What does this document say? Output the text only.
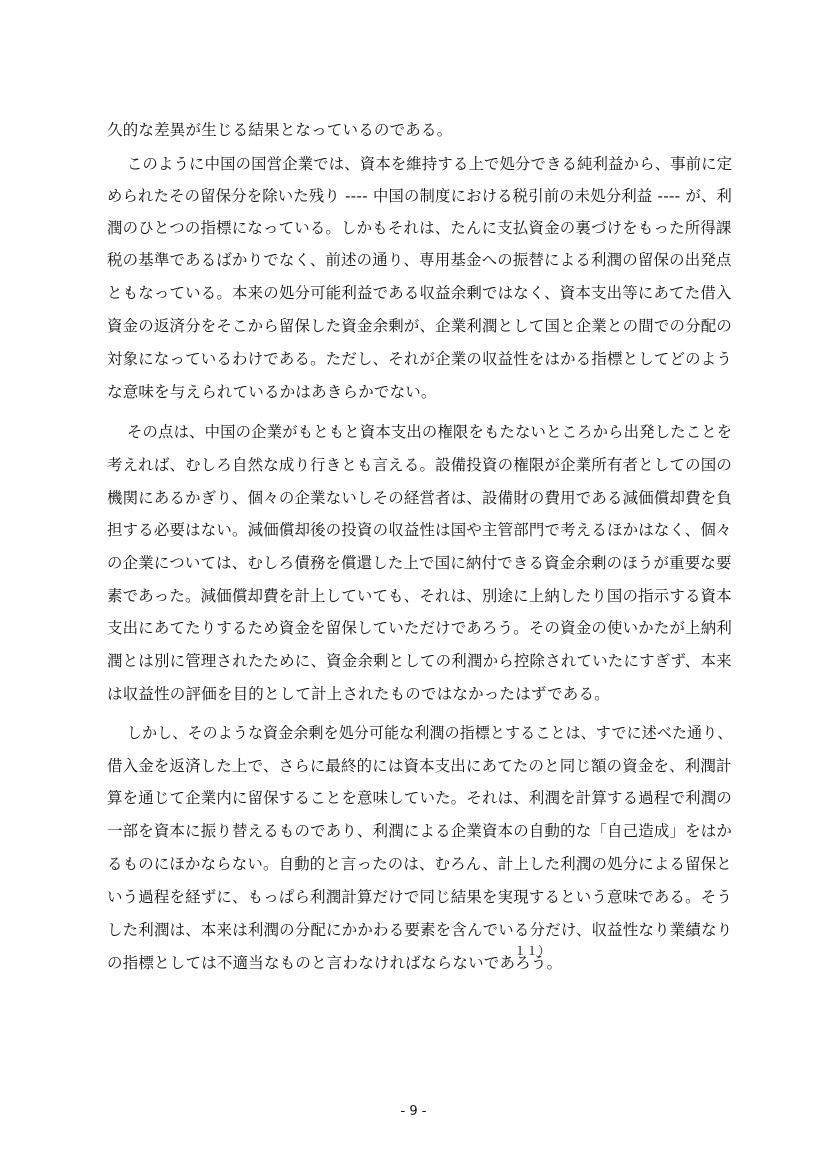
久的な差異が生じる結果となっているのである。

このように中国の国営企業では、資本を維持する上で処分できる純利益から、事前に定

められたその留保分を除いた残り ---- 中国の制度における税引前の未処分利益 ---- が、利

潤のひとつの指標になっている。しかもそれは、たんに支払資金の裏づけをもった所得課

税の基準であるばかりでなく、前述の通り、専用基金への振替による利潤の留保の出発点

ともなっている。本来の処分可能利益である収益余剰ではなく、資本支出等にあてた借入

資金の返済分をそこから留保した資金余剰が、企業利潤として国と企業との間での分配の

対象になっているわけである。ただし、それが企業の収益性をはかる指標としてどのよう

な意味を与えられているかはあきらかでない。

その点は、中国の企業がもともと資本支出の権限をもたないところから出発したことを

考えれば、むしろ自然な成り行きとも言える。設備投資の権限が企業所有者としての国の

機関にあるかぎり、個々の企業ないしその経営者は、設備財の費用である減価償却費を負

担する必要はない。減価償却後の投資の収益性は国や主管部門で考えるほかはなく、個々

の企業については、むしろ債務を償還した上で国に納付できる資金余剰のほうが重要な要

素であった。減価償却費を計上していても、それは、別途に上納したり国の指示する資本

支出にあてたりするため資金を留保していただけであろう。その資金の使いかたが上納利

潤とは別に管理されたために、資金余剰としての利潤から控除されていたにすぎず、本来

は収益性の評価を目的として計上されたものではなかったはずである。

しかし、そのような資金余剰を処分可能な利潤の指標とすることは、すでに述べた通り、

借入金を返済した上で、さらに最終的には資本支出にあてたのと同じ額の資金を、利潤計

算を通じて企業内に留保することを意味していた。それは、利潤を計算する過程で利潤の

一部を資本に振り替えるものであり、利潤による企業資本の自動的な「自己造成」をはか

るものにほかならない。自動的と言ったのは、むろん、計上した利潤の処分による留保と

いう過程を経ずに、もっぱら利潤計算だけで同じ結果を実現するという意味である。そう

した利潤は、本来は利潤の分配にかかわる要素を含んでいる分だけ、収益性なり業績なり

の指標としては不適当なものと言わなければならないであろう。

１１）
- 9 -
